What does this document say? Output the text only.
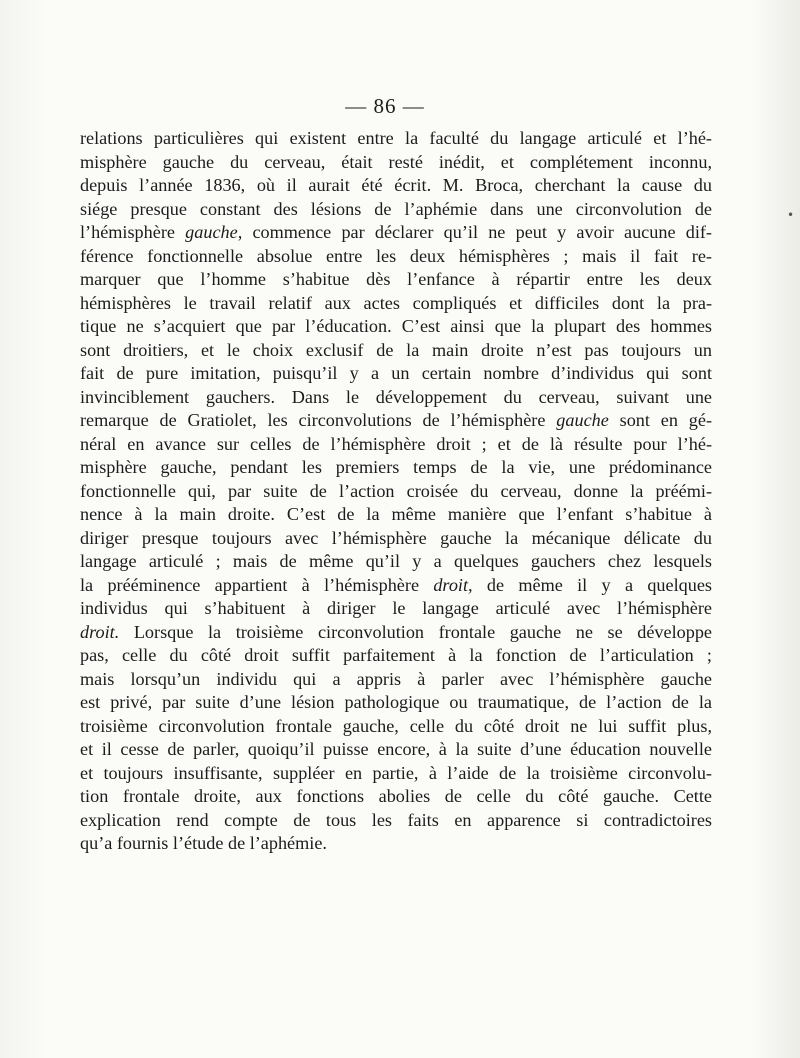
— 86 —
relations particulières qui existent entre la faculté du langage articulé et l’hé-
misphère gauche du cerveau, était resté inédit, et complétement inconnu,
depuis l’année 1836, où il aurait été écrit. M. Broca, cherchant la cause du
siége presque constant des lésions de l’aphémie dans une circonvolution de
l’hémisphère gauche, commence par déclarer qu’il ne peut y avoir aucune dif-
férence fonctionnelle absolue entre les deux hémisphères ; mais il fait re-
marquer que l’homme s’habitue dès l’enfance à répartir entre les deux
hémisphères le travail relatif aux actes compliqués et difficiles dont la pra-
tique ne s’acquiert que par l’éducation. C’est ainsi que la plupart des hommes
sont droitiers, et le choix exclusif de la main droite n’est pas toujours un
fait de pure imitation, puisqu’il y a un certain nombre d’individus qui sont
invinciblement gauchers. Dans le développement du cerveau, suivant une
remarque de Gratiolet, les circonvolutions de l’hémisphère gauche sont en gé-
néral en avance sur celles de l’hémisphère droit ; et de là résulte pour l’hé-
misphère gauche, pendant les premiers temps de la vie, une prédominance
fonctionnelle qui, par suite de l’action croisée du cerveau, donne la préémi-
nence à la main droite. C’est de la même manière que l’enfant s’habitue à
diriger presque toujours avec l’hémisphère gauche la mécanique délicate du
langage articulé ; mais de même qu’il y a quelques gauchers chez lesquels
la prééminence appartient à l’hémisphère droit, de même il y a quelques
individus qui s’habituent à diriger le langage articulé avec l’hémisphère
droit. Lorsque la troisième circonvolution frontale gauche ne se développe
pas, celle du côté droit suffit parfaitement à la fonction de l’articulation ;
mais lorsqu’un individu qui a appris à parler avec l’hémisphère gauche
est privé, par suite d’une lésion pathologique ou traumatique, de l’action de la
troisième circonvolution frontale gauche, celle du côté droit ne lui suffit plus,
et il cesse de parler, quoiqu’il puisse encore, à la suite d’une éducation nouvelle
et toujours insuffisante, suppléer en partie, à l’aide de la troisième circonvolu-
tion frontale droite, aux fonctions abolies de celle du côté gauche. Cette
explication rend compte de tous les faits en apparence si contradictoires
qu’a fournis l’étude de l’aphémie.
•
